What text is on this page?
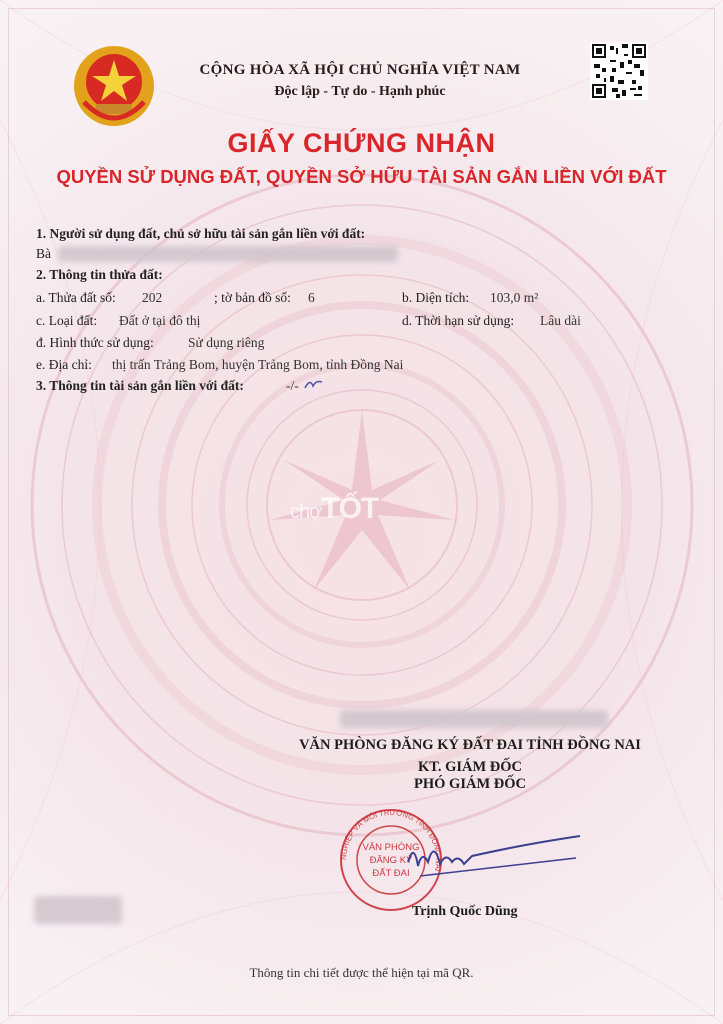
CỘNG HÒA XÃ HỘI CHỦ NGHĨA VIỆT NAM
Độc lập - Tự do - Hạnh phúc
GIẤY CHỨNG NHẬN
QUYỀN SỬ DỤNG ĐẤT, QUYỀN SỞ HỮU TÀI SẢN GẮN LIỀN VỚI ĐẤT
1. Người sử dụng đất, chủ sở hữu tài sản gắn liền với đất:
Bà
2. Thông tin thửa đất:
a. Thửa đất số: 202	; tờ bản đồ số: 6	b. Diện tích: 103,0 m²
c. Loại đất: Đất ở tại đô thị	d. Thời hạn sử dụng: Lâu dài
đ. Hình thức sử dụng:	Sử dụng riêng
e. Địa chỉ: thị trấn Trảng Bom, huyện Trảng Bom, tỉnh Đồng Nai
3. Thông tin tài sản gắn liền với đất:	-/-
chợTỐT
VĂN PHÒNG ĐĂNG KÝ ĐẤT ĐAI TỈNH ĐỒNG NAI
KT. GIÁM ĐỐC
PHÓ GIÁM ĐỐC
NGHIỆP VÀ MÔI TRƯỜNG TỈNH ĐỒNG NAI
VĂN PHÒNG
ĐĂNG KÝ
ĐẤT ĐAI
Trịnh Quốc Dũng
Thông tin chi tiết được thể hiện tại mã QR.
